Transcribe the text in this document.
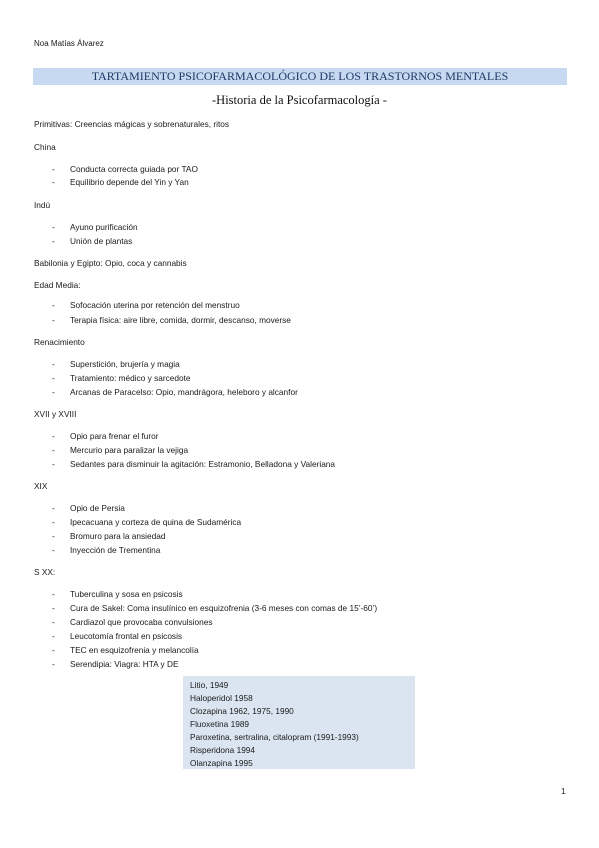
Noa Matías Álvarez
TARTAMIENTO PSICOFARMACOLÓGICO DE LOS TRASTORNOS MENTALES
-Historia de la Psicofarmacología -
Primitivas: Creencias mágicas y sobrenaturales, ritos
China
- Conducta correcta guiada por TAO
- Equilibrio depende del Yin y Yan
Indú
- Ayuno purificación
- Unión de plantas
Babilonia y Egipto: Opio, coca y cannabis
Edad Media:
- Sofocación uterina por retención del menstruo
- Terapia física: aire libre, comida, dormir, descanso, moverse
Renacimiento
- Superstición, brujería y magia
- Tratamiento: médico y sarcedote
- Arcanas de Paracelso: Opio, mandrágora, heleboro y alcanfor
XVII y XVIII
- Opio para frenar el furor
- Mercurio para paralizar la vejiga
- Sedantes para disminuir la agitación: Estramonio, Belladona y Valeriana
XIX
- Opio de Persia
- Ipecacuana y corteza de quina de Sudamérica
- Bromuro para la ansiedad
- Inyección de Trementina
S XX:
- Tuberculina y sosa en psicosis
- Cura de Sakel: Coma insulínico en esquizofrenia (3-6 meses con comas de 15’-60’)
- Cardiazol que provocaba convulsiones
- Leucotomía frontal en psicosis
- TEC en esquizofrenia y melancolía
- Serendipia: Viagra: HTA y DE
Litio, 1949
Haloperidol 1958
Clozapina 1962, 1975, 1990
Fluoxetina 1989
Paroxetina, sertralina, citalopram (1991-1993)
Risperidona 1994
Olanzapina 1995
1
